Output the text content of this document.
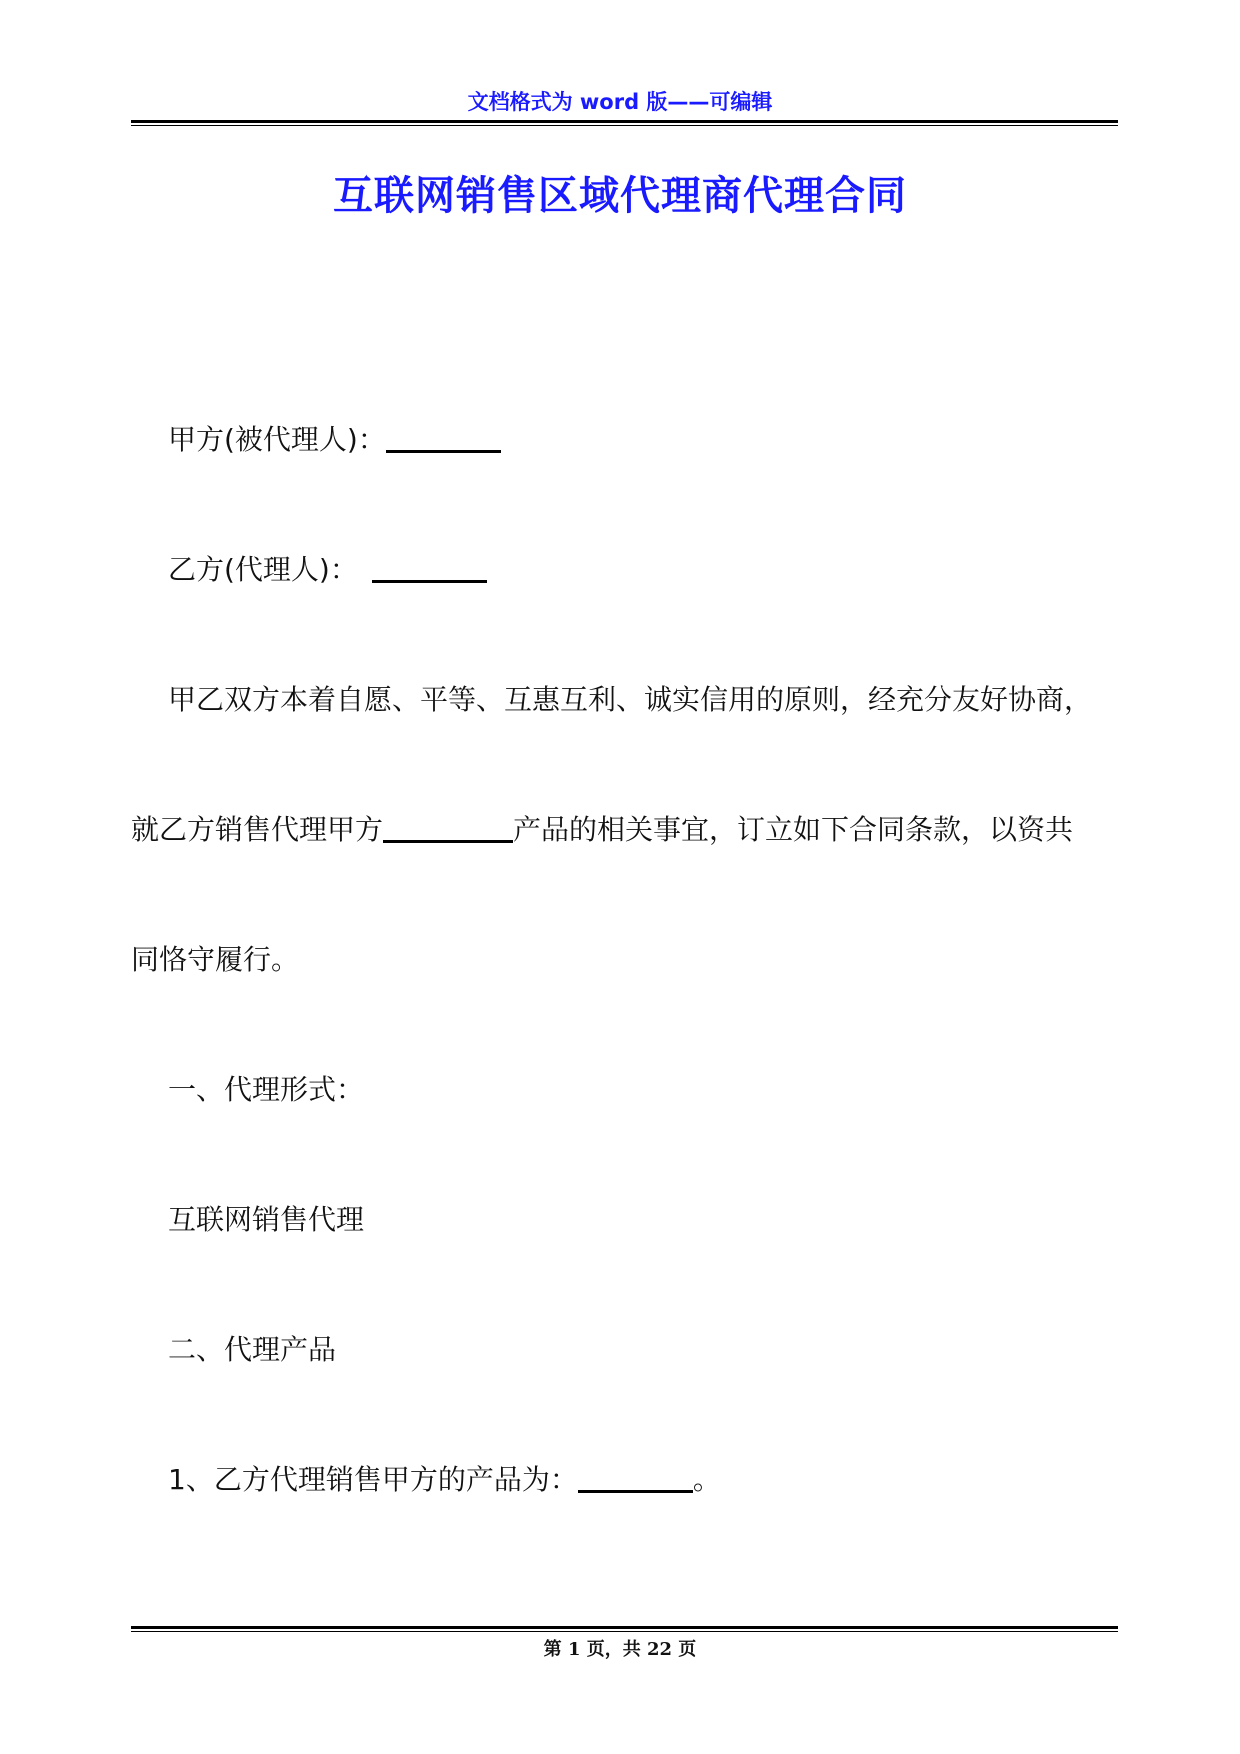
文档格式为 word 版——可编辑
互联网销售区域代理商代理合同
甲方(被代理人)：
乙方(代理人)：
甲乙双方本着自愿、平等、互惠互利、诚实信用的原则，经充分友好协商，
就乙方销售代理甲方	产品的相关事宜，订立如下合同条款，以资共
同恪守履行。
一、代理形式：
互联网销售代理
二、代理产品
1、乙方代理销售甲方的产品为：	。
第 1 页，共 22 页
